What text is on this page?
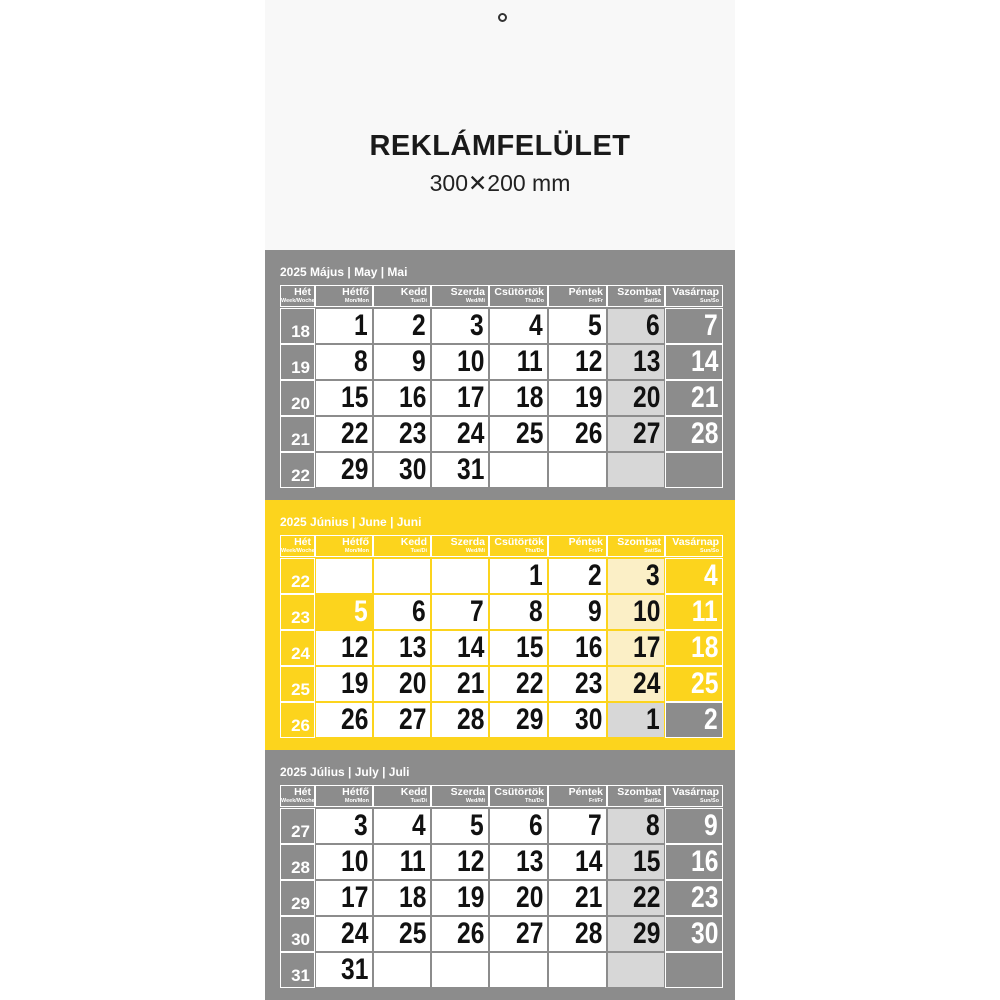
REKLÁMFELÜLET
300✕200 mm
2025 Május | May | Mai
Hét
Week/Woche
Hétfő
Mon/Mon
Kedd
Tue/Di
Szerda
Wed/Mi
Csütörtök
Thu/Do
Péntek
Fri/Fr
Szombat
Sat/Sa
Vasárnap
Sun/So
18 1 2 3 4 5 6 7
19 8 9 10 11 12 13 14
20 15 16 17 18 19 20 21
21 22 23 24 25 26 27 28
22 29 30 31
2025 Június | June | Juni
Hét
Week/Woche
Hétfő
Mon/Mon
Kedd
Tue/Di
Szerda
Wed/Mi
Csütörtök
Thu/Do
Péntek
Fri/Fr
Szombat
Sat/Sa
Vasárnap
Sun/So
22	1 2 3 4
23 5 6 7 8 9 10 11
24 12 13 14 15 16 17 18
25 19 20 21 22 23 24 25
26 26 27 28 29 30 1 2
2025 Július | July | Juli
Hét
Week/Woche
Hétfő
Mon/Mon
Kedd
Tue/Di
Szerda
Wed/Mi
Csütörtök
Thu/Do
Péntek
Fri/Fr
Szombat
Sat/Sa
Vasárnap
Sun/So
27 3 4 5 6 7 8 9
28 10 11 12 13 14 15 16
29 17 18 19 20 21 22 23
30 24 25 26 27 28 29 30
31 31
